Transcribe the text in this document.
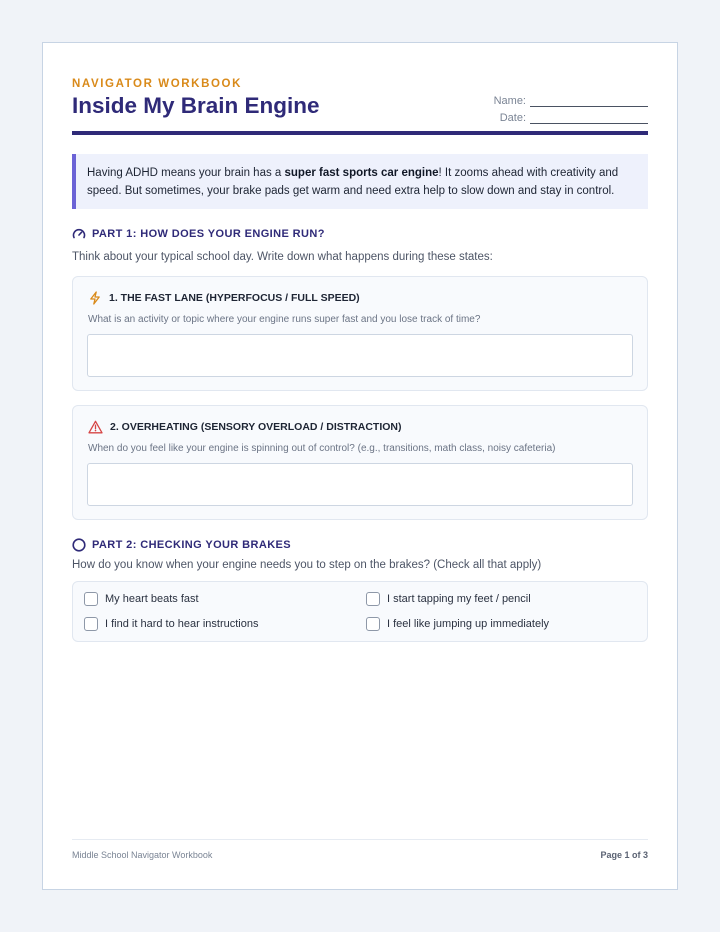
NAVIGATOR WORKBOOK
Inside My Brain Engine	Name:
Date:
Having ADHD means your brain has a super fast sports car engine! It zooms ahead with creativity and speed. But sometimes, your brake pads get warm and need extra help to slow down and stay in control.
PART 1: HOW DOES YOUR ENGINE RUN?
Think about your typical school day. Write down what happens during these states:
1. THE FAST LANE (HYPERFOCUS / FULL SPEED)
What is an activity or topic where your engine runs super fast and you lose track of time?
2. OVERHEATING (SENSORY OVERLOAD / DISTRACTION)
When do you feel like your engine is spinning out of control? (e.g., transitions, math class, noisy cafeteria)
PART 2: CHECKING YOUR BRAKES
How do you know when your engine needs you to step on the brakes? (Check all that apply)
My heart beats fast	I start tapping my feet / pencil
I find it hard to hear instructions	I feel like jumping up immediately
Middle School Navigator Workbook	Page 1 of 3
